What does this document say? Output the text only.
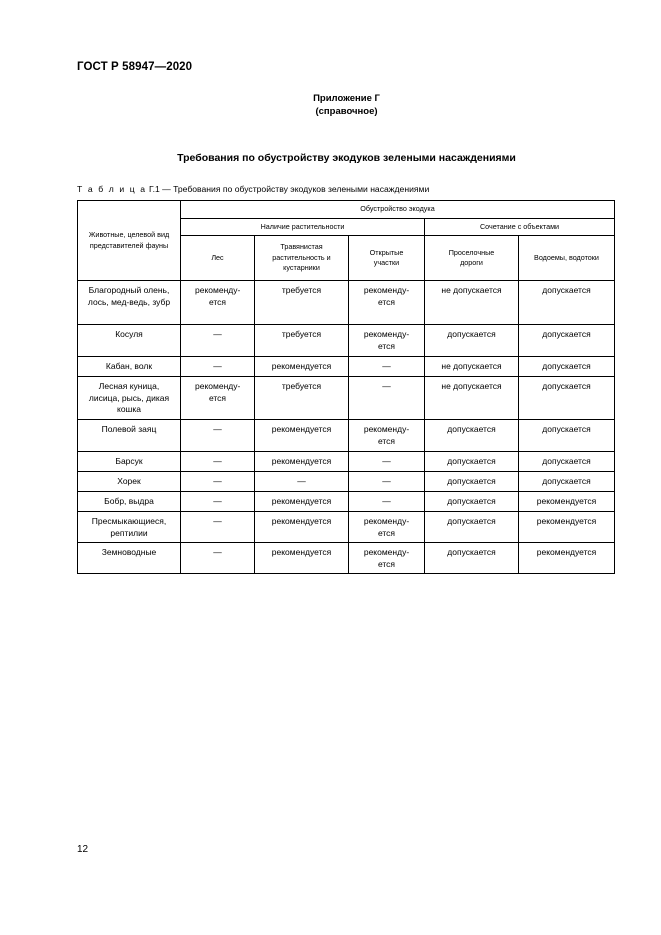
ГОСТ Р 58947—2020
Приложение Г
(справочное)
Требования по обустройству экодуков зелеными насаждениями
Т а б л и ц а Г.1 — Требования по обустройству экодуков зелеными насаждениями
Животные, целевой вид представителей фауны	Обустройство экодука				
	Наличие растительности			Сочетание с объектами	
	Лес	Травянистая растительность и кустарники	Открытые участки	Проселочные дороги	Водоемы, водотоки
Благородный олень, лось, мед-ведь, зубр	рекоменду-ется	требуется	рекоменду-ется	не допускается	допускается
Косуля	—	требуется	рекоменду-ется	допускается	допускается
Кабан, волк	—	рекомендуется	—	не допускается	допускается
Лесная куница, лисица, рысь, дикая кошка	рекоменду-ется	требуется	—	не допускается	допускается
Полевой заяц	—	рекомендуется	рекоменду-ется	допускается	допускается
Барсук	—	рекомендуется	—	допускается	допускается
Хорек	—	—	—	допускается	допускается
Бобр, выдра	—	рекомендуется	—	допускается	рекомендуется
Пресмыкающиеся, рептилии	—	рекомендуется	рекоменду-ется	допускается	рекомендуется
Земноводные	—	рекомендуется	рекоменду-ется	допускается	рекомендуется
12
